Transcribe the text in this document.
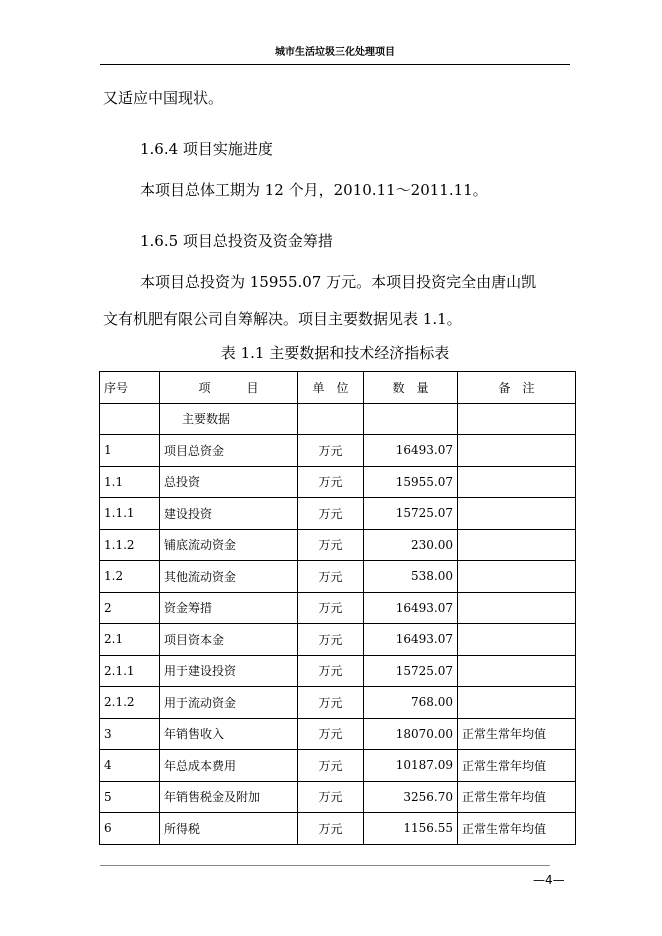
城市生活垃圾三化处理项目
又适应中国现状。
1.6.4 项目实施进度
本项目总体工期为 12 个月，2010.11～2011.11。
1.6.5 项目总投资及资金筹措
本项目总投资为 15955.07 万元。本项目投资完全由唐山凯
文有机肥有限公司自筹解决。项目主要数据见表 1.1。
表 1.1 主要数据和技术经济指标表
序号	项　　　目	单　位	数　量	备　注
	主要数据			
1	项目总资金	万元	16493.07	
1.1	总投资	万元	15955.07	
1.1.1	建设投资	万元	15725.07	
1.1.2	铺底流动资金	万元	230.00	
1.2	其他流动资金	万元	538.00	
2	资金筹措	万元	16493.07	
2.1	项目资本金	万元	16493.07	
2.1.1	用于建设投资	万元	15725.07	
2.1.2	用于流动资金	万元	768.00	
3	年销售收入	万元	18070.00	正常生常年均值
4	年总成本费用	万元	10187.09	正常生常年均值
5	年销售税金及附加	万元	3256.70	正常生常年均值
6	所得税	万元	1156.55	正常生常年均值
—4—
